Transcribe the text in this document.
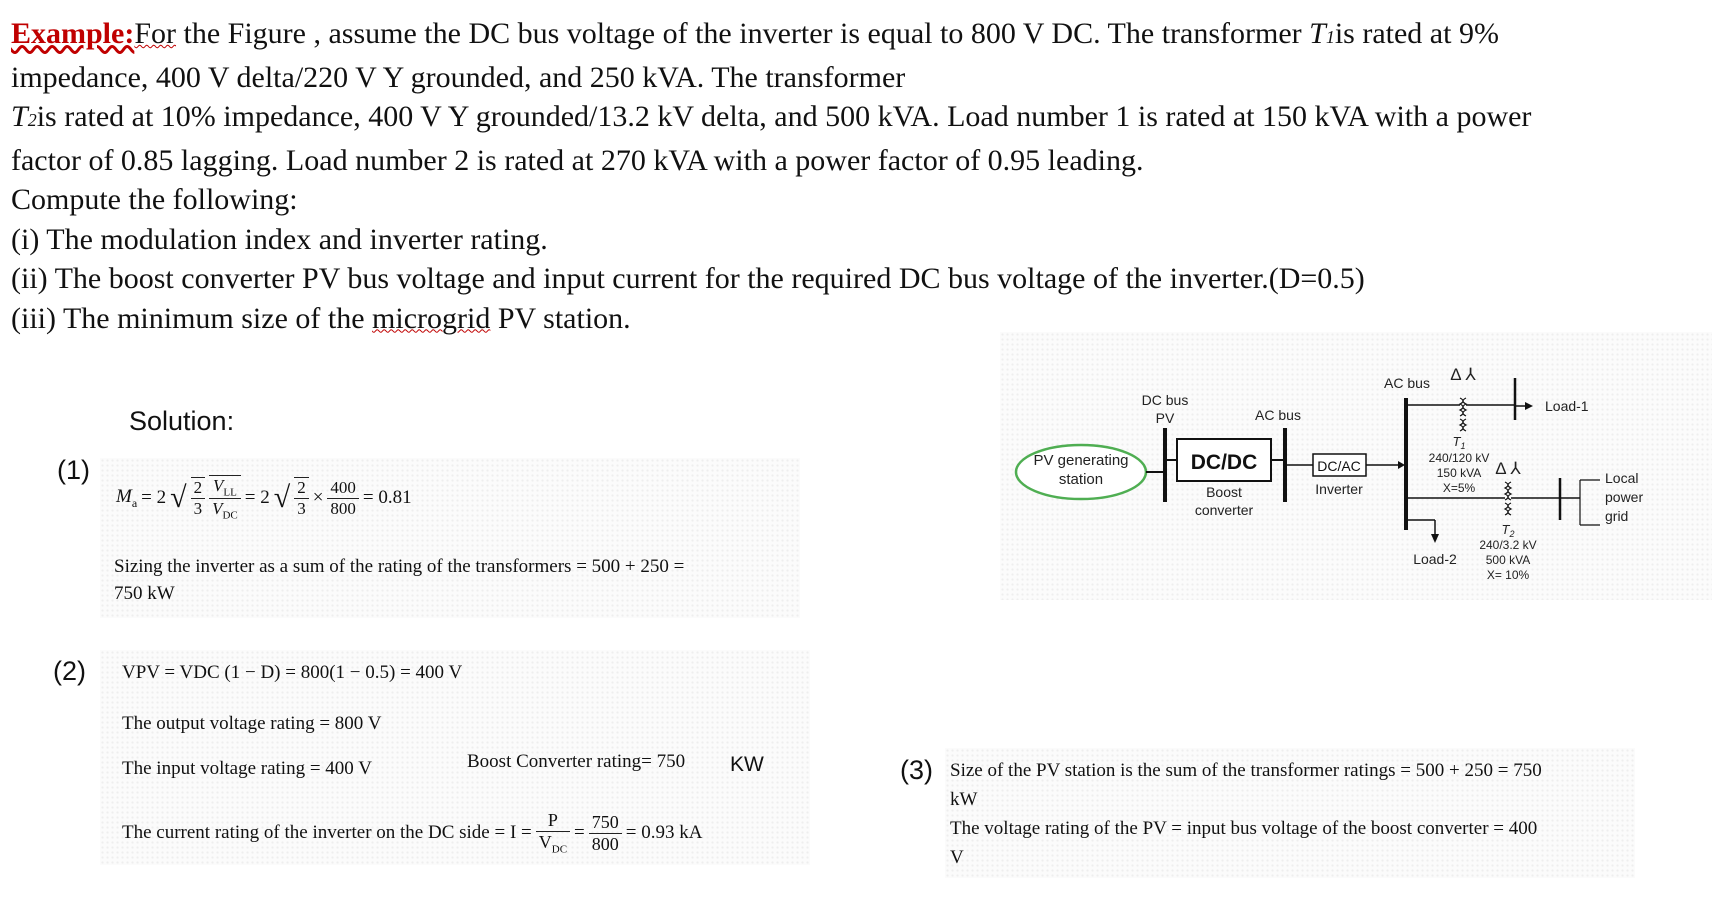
Example:For the Figure , assume the DC bus voltage of the inverter is equal to 800 V DC. The transformer T1is rated at 9%

impedance, 400 V delta/220 V Y grounded, and 250 kVA. The transformer

T2is rated at 10% impedance, 400 V Y grounded/13.2 kV delta, and 500 kVA. Load number 1 is rated at 150 kVA with a power

factor of 0.85 lagging. Load number 2 is rated at 270 kVA with a power factor of 0.95 leading.

Compute the following:

(i) The modulation index and inverter rating.

(ii) The boost converter PV bus voltage and input current for the required DC bus voltage of the inverter.(D=0.5)

(iii) The minimum size of the microgrid PV station.

Solution:
(1)
(2)
(3)
$M_a = 2$ √ $\frac{2}{3} \frac{V_{LL}}{V_{DC}} = 2$ √ $\frac{2}{3} \times \frac{400}{800} = 0.81$
Sizing the inverter as a sum of the rating of the transformers = 500 + 250 =
750 kW
VPV = VDC (1 − D) = 800(1 − 0.5) = 400 V
The output voltage rating = 800 V
The input voltage rating = 400 V	Boost Converter rating= 750 KW
The current rating of the inverter on the DC side = $I = \frac{P}{V_{DC}} = \frac{750}{800} = 0.93$ kA
Size of the PV station is the sum of the transformer ratings = 500 + 250 = 750
kW
The voltage rating of the PV = input bus voltage of the boost converter = 400
V
PV generating
station
DC bus
PV
DC/DC
Boost
converter
AC bus
DC/AC
Inverter
AC bus Δ ⅄
Load-1
$T_1$
240/120 kV
150 kVA
X=5%
Load-2
Δ ⅄	Local
power
grid
$T_2$
240/3.2 kV
500 kVA
X= 10%
